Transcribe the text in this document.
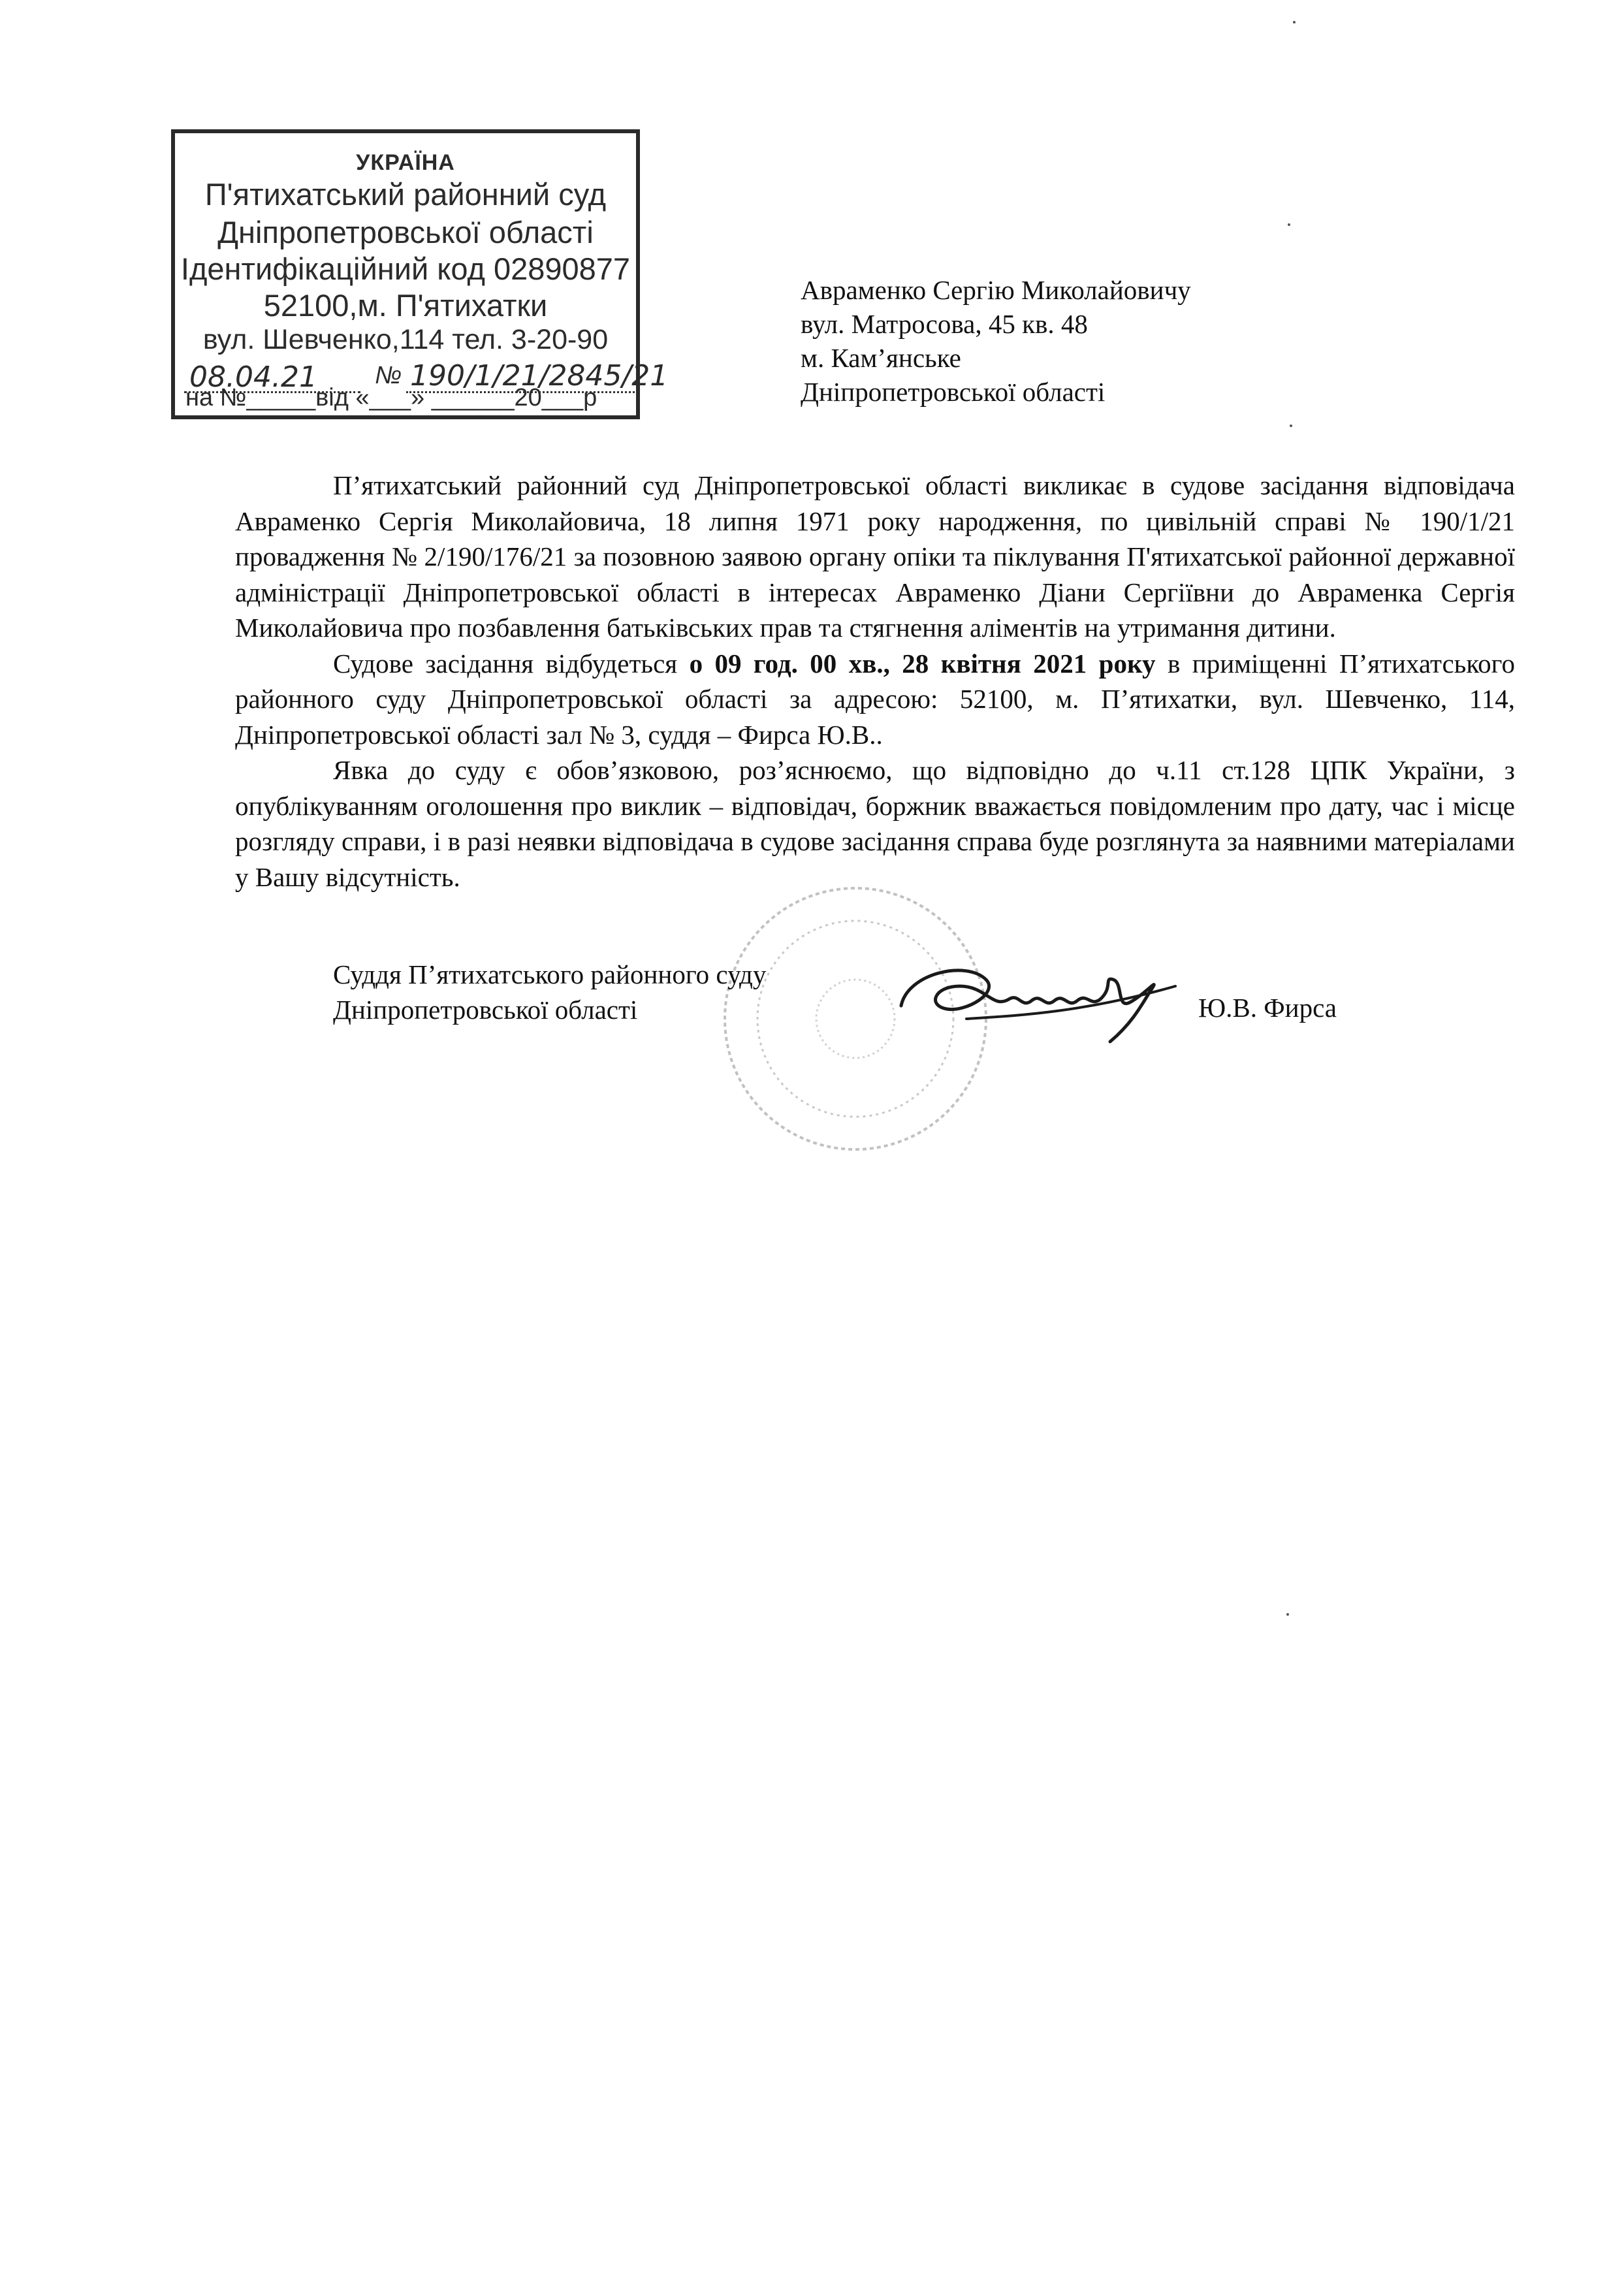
УКРАЇНА
П'ятихатський районний суд
Дніпропетровської області
Ідентифікаційний код 02890877
52100,м. П'ятихатки
вул. Шевченко,114 тел. 3-20-90
08.04.21 № 190/1/21/2845/21
на №_____від «___» ______20___р
Авраменко Сергію Миколайовичу
вул. Матросова, 45 кв. 48
м. Кам’янське
Дніпропетровської області

П’ятихатський районний суд Дніпропетровської області викликає в судове засідання відповідача Авраменко Сергія Миколайовича, 18 липня 1971 року народження, по цивільній справі № 190/1/21 провадження № 2/190/176/21 за позовною заявою органу опіки та піклування П'ятихатської районної державної адміністрації Дніпропетровської області в інтересах Авраменко Діани Сергіївни до Авраменка Сергія Миколайовича про позбавлення батьківських прав та стягнення аліментів на утримання дитини.

Судове засідання відбудеться о 09 год. 00 хв., 28 квітня 2021 року в приміщенні П’ятихатського районного суду Дніпропетровської області за адресою: 52100, м. П’ятихатки, вул. Шевченко, 114, Дніпропетровської області зал № 3, суддя – Фирса Ю.В..

Явка до суду є обов’язковою, роз’яснюємо, що відповідно до ч.11 ст.128 ЦПК України, з опублікуванням оголошення про виклик – відповідач, боржник вважається повідомленим про дату, час і місце розгляду справи, і в разі неявки відповідача в судове засідання справа буде розглянута за наявними матеріалами у Вашу відсутність.

Суддя П’ятихатського районного суду
Дніпропетровської області	Ю.В. Фирса
